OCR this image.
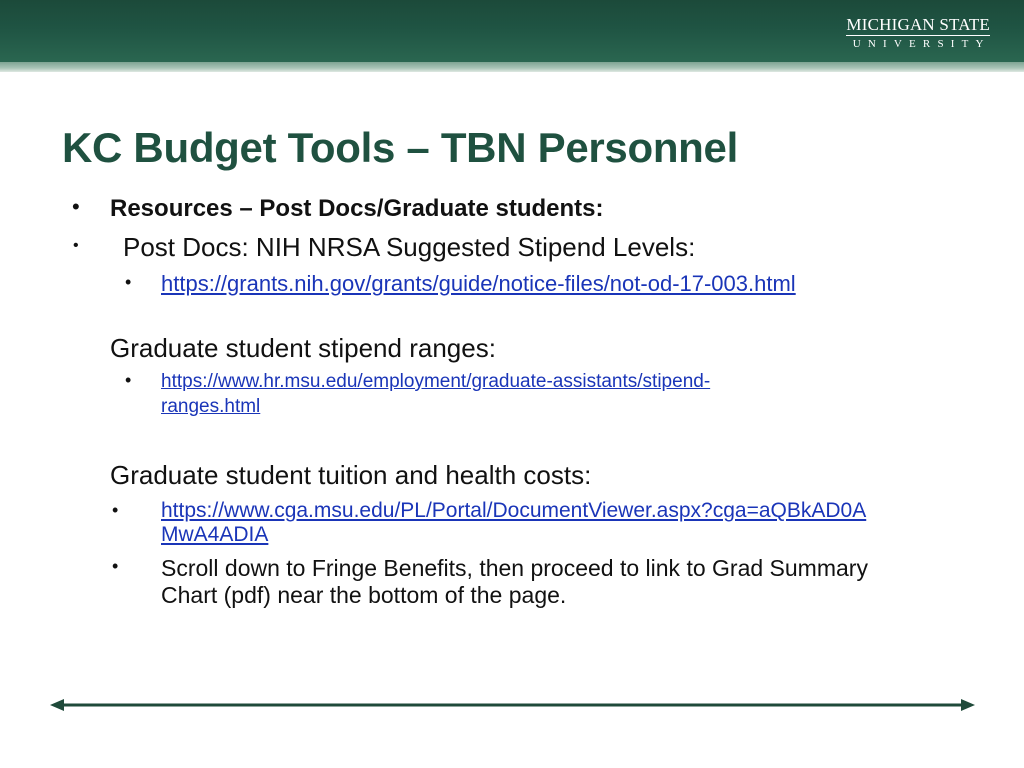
MICHIGAN STATE
UNIVERSITY
KC Budget Tools – TBN Personnel
• Resources – Post Docs/Graduate students:
• Post Docs: NIH NRSA Suggested Stipend Levels:
• https://grants.nih.gov/grants/guide/notice-files/not-od-17-003.html
Graduate student stipend ranges:
• https://www.hr.msu.edu/employment/graduate-assistants/stipend-
ranges.html
Graduate student tuition and health costs:
• https://www.cga.msu.edu/PL/Portal/DocumentViewer.aspx?cga=aQBkAD0A
MwA4ADIA
• Scroll down to Fringe Benefits, then proceed to link to Grad Summary
Chart (pdf) near the bottom of the page.
